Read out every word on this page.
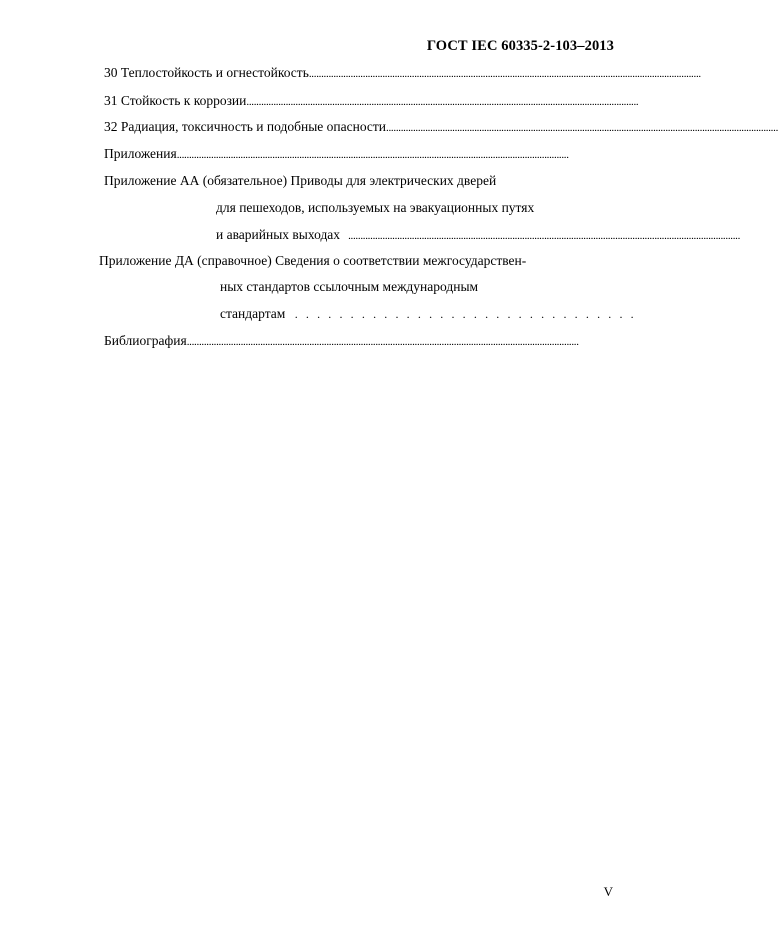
ГОСТ IEC 60335-2-103–2013
30 Теплостойкость и огнестойкость ................................................................................................................................................................
31 Стойкость к коррозии ................................................................................................................................................................
32 Радиация, токсичность и подобные опасности ................................................................................................................................................................
Приложения ................................................................................................................................................................
Приложение АА (обязательное) Приводы для электрических дверей
для пешеходов, используемых на эвакуационных путях
и аварийных выходах ................................................................................................................................................................
Приложение ДА (справочное) Сведения о соответствии межгосударствен-
ных стандартов ссылочным международным
стандартам . . . . . . . . . . . . . . . . . . . . . . . . . . . . . . .
Библиография ................................................................................................................................................................
V
